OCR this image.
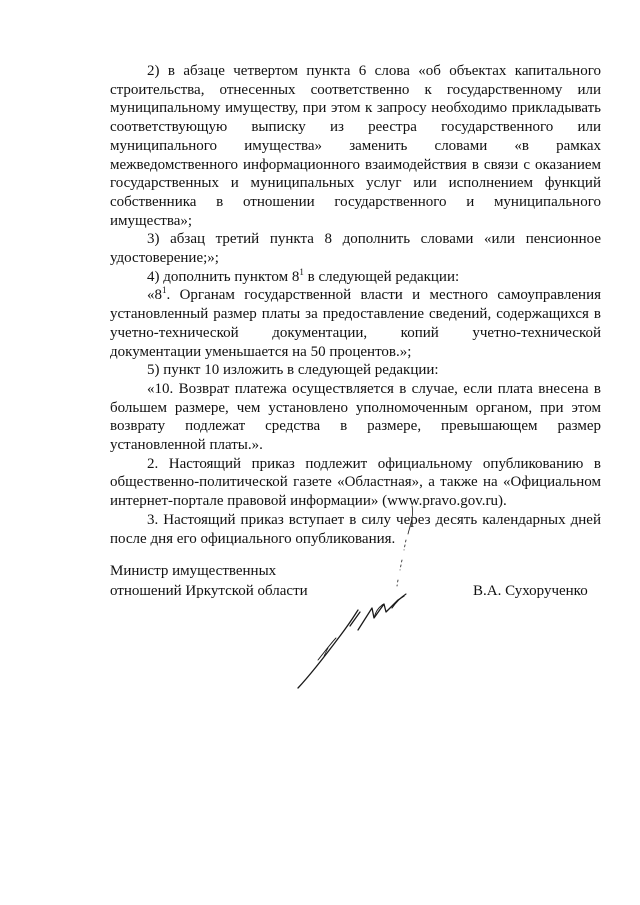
2) в абзаце четвертом пункта 6 слова «об объектах капитального строительства, отнесенных соответственно к государственному или муниципальному имуществу, при этом к запросу необходимо прикладывать соответствующую выписку из реестра государственного или муниципального имущества» заменить словами «в рамках межведомственного информационного взаимодействия в связи с оказанием государственных и муниципальных услуг или исполнением функций собственника в отношении государственного и муниципального имущества»;

3) абзац третий пункта 8 дополнить словами «или пенсионное удостоверение;»;

4) дополнить пунктом $8^1$ в следующей редакции:

«$8^1$. Органам государственной власти и местного самоуправления установленный размер платы за предоставление сведений, содержащихся в учетно-технической документации, копий учетно-технической документации уменьшается на 50 процентов.»;

5) пункт 10 изложить в следующей редакции:

«10. Возврат платежа осуществляется в случае, если плата внесена в большем размере, чем установлено уполномоченным органом, при этом возврату подлежат средства в размере, превышающем размер установленной платы.».

2. Настоящий приказ подлежит официальному опубликованию в общественно-политической газете «Областная», а также на «Официальном интернет-портале правовой информации» (www.pravo.gov.ru).

3. Настоящий приказ вступает в силу через десять календарных дней после дня его официального опубликования.

Министр имущественных
отношений Иркутской области	В.А. Сухорученко
